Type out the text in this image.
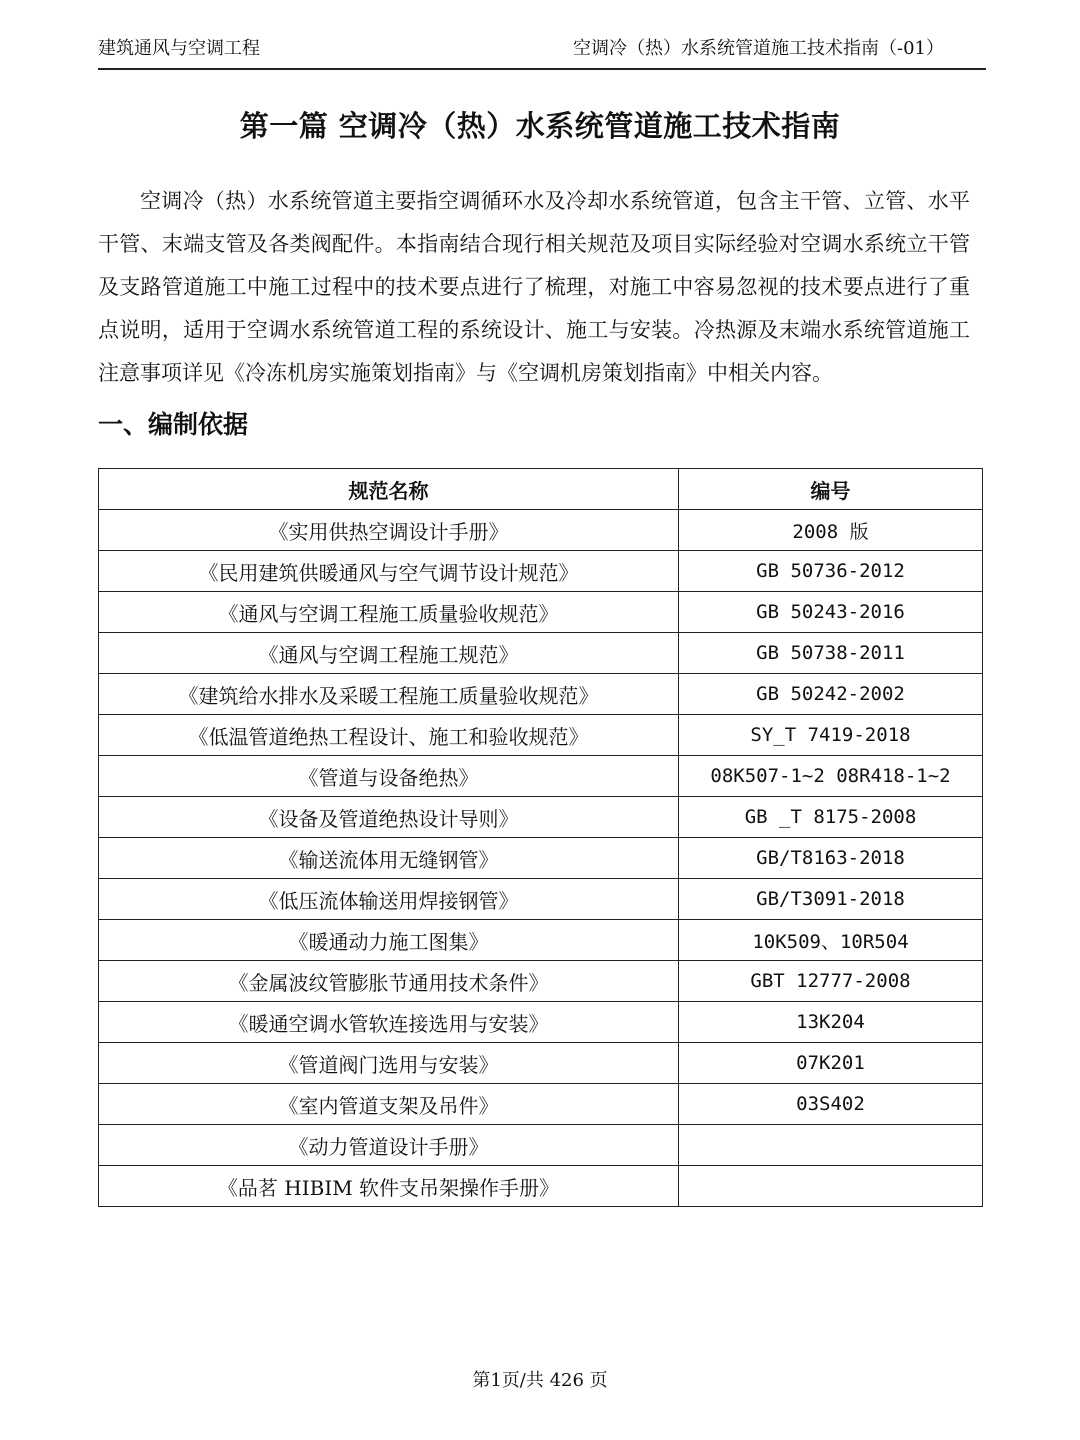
建筑通风与空调工程	空调冷（热）水系统管道施工技术指南（-01）
第一篇 空调冷（热）水系统管道施工技术指南

空调冷（热）水系统管道主要指空调循环水及冷却水系统管道，包含主干管、立管、水平干管、末端支管及各类阀配件。本指南结合现行相关规范及项目实际经验对空调水系统立干管及支路管道施工中施工过程中的技术要点进行了梳理，对施工中容易忽视的技术要点进行了重点说明，适用于空调水系统管道工程的系统设计、施工与安装。冷热源及末端水系统管道施工注意事项详见《冷冻机房实施策划指南》与《空调机房策划指南》中相关内容。

一、编制依据
规范名称	编号
《实用供热空调设计手册》	2008 版
《民用建筑供暖通风与空气调节设计规范》	GB 50736-2012
《通风与空调工程施工质量验收规范》	GB 50243-2016
《通风与空调工程施工规范》	GB 50738-2011
《建筑给水排水及采暖工程施工质量验收规范》	GB 50242-2002
《低温管道绝热工程设计、施工和验收规范》	SY_T 7419-2018
《管道与设备绝热》	08K507-1~2 08R418-1~2
《设备及管道绝热设计导则》	GB _T 8175-2008
《输送流体用无缝钢管》	GB/T8163-2018
《低压流体输送用焊接钢管》	GB/T3091-2018
《暖通动力施工图集》	10K509、10R504
《金属波纹管膨胀节通用技术条件》	GBT 12777-2008
《暖通空调水管软连接选用与安装》	13K204
《管道阀门选用与安装》	07K201
《室内管道支架及吊件》	03S402
《动力管道设计手册》	
《品茗 HIBIM 软件支吊架操作手册》	
第1页/共 426 页
